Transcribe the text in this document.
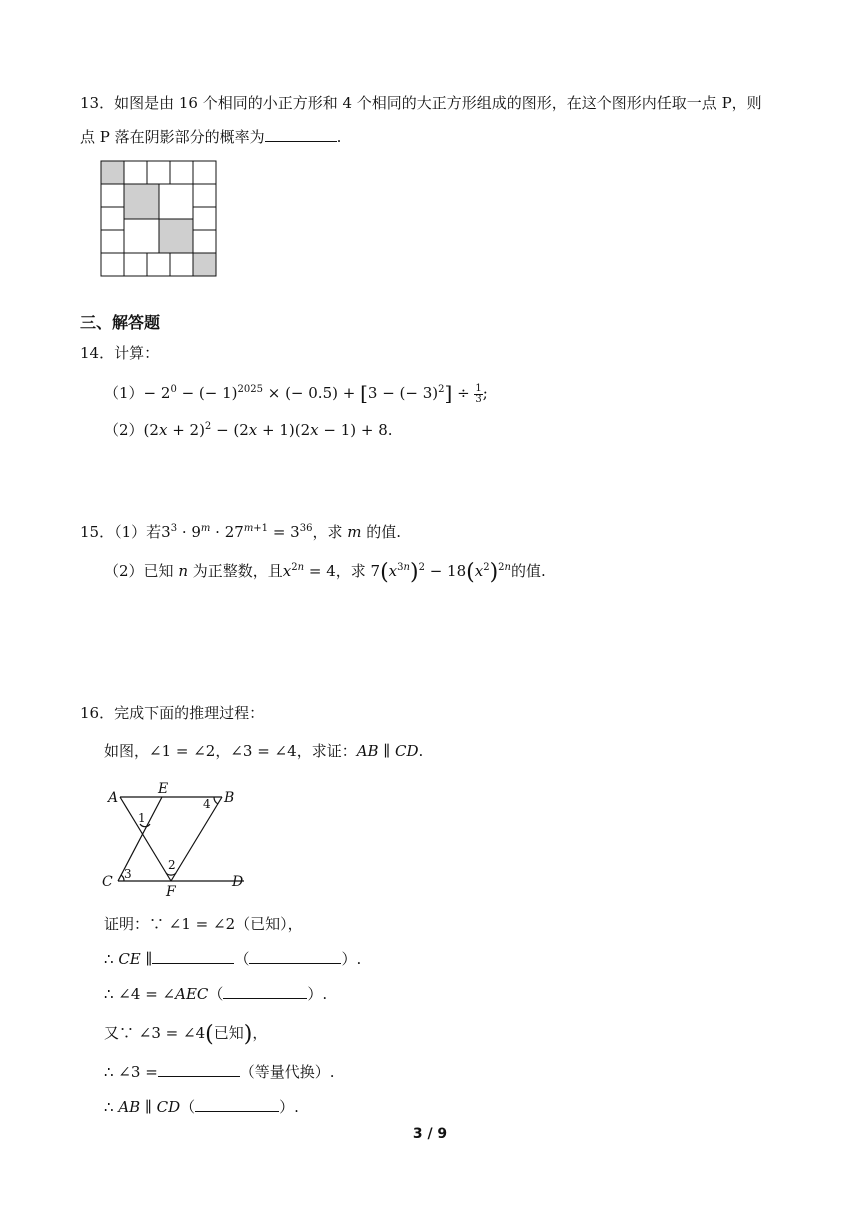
13．如图是由 16 个相同的小正方形和 4 个相同的大正方形组成的图形，在这个图形内任取一点 P，则
点 P 落在阴影部分的概率为	.
三、解答题
14．计算：
$(1)- 2^0$ − (− 1)$^{2025}$ × (− 0.5) + [3 − (− $3)^2] \div \frac{1}{3}$ ;
$(2)(2x + 2)^2 - (2x + 1)(2x - 1) + 8$.
15．（1）若$3^3 \cdot 9^m \cdot 27^{m+1} = 3^{36}$，求 m 的值.
（2）已知 n 为正整数，且$x^{2n} = 4$，求 $7(x^{3n})^2 - 18(x^2)^{2n}$的值.
16．完成下面的推理过程：
如图，∠1 = ∠2，∠3 = ∠4，求证：AB ∥ CD.
A
E
B
C
F
D
1
2
3
4
证明：∵ ∠1 = ∠2（已知），
∴ CE ∥	（	）.
∴ ∠4 = ∠AEC（	）.
又∵ ∠3 = ∠4(已知)，
∴ ∠3 =	（等量代换）.
∴ AB ∥ CD（	）.
3 / 9
